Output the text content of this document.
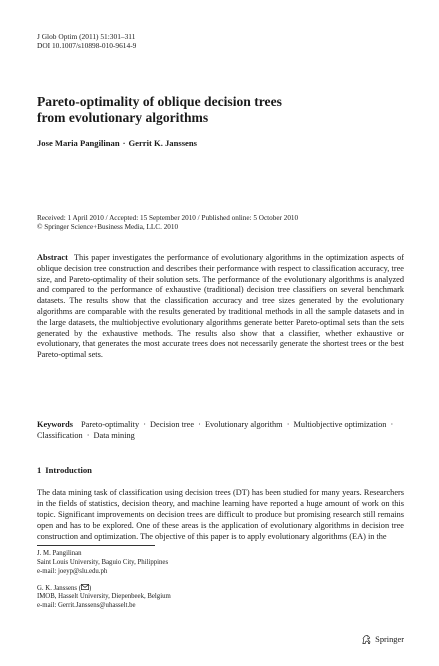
J Glob Optim (2011) 51:301–311
DOI 10.1007/s10898-010-9614-9
Pareto-optimality of oblique decision trees
from evolutionary algorithms
Jose Maria Pangilinan · Gerrit K. Janssens
Received: 1 April 2010 / Accepted: 15 September 2010 / Published online: 5 October 2010
© Springer Science+Business Media, LLC. 2010
Abstract This paper investigates the performance of evolutionary algorithms in the optimization aspects of oblique decision tree construction and describes their performance with respect to classification accuracy, tree size, and Pareto-optimality of their solution sets. The performance of the evolutionary algorithms is analyzed and compared to the performance of exhaustive (traditional) decision tree classifiers on several benchmark datasets. The results show that the classification accuracy and tree sizes generated by the evolutionary algorithms are comparable with the results generated by traditional methods in all the sample datasets and in the large datasets, the multiobjective evolutionary algorithms generate better Pareto-optimal sets than the sets generated by the exhaustive methods. The results also show that a classifier, whether exhaustive or evolutionary, that generates the most accurate trees does not necessarily generate the shortest trees or the best Pareto-optimal sets.
Keywords Pareto-optimality · Decision tree · Evolutionary algorithm · Multiobjective optimization · Classification · Data mining
1 Introduction
The data mining task of classification using decision trees (DT) has been studied for many years. Researchers in the fields of statistics, decision theory, and machine learning have reported a huge amount of work on this topic. Significant improvements on decision trees are difficult to produce but promising research still remains open and has to be explored. One of these areas is the application of evolutionary algorithms in decision tree construction and optimization. The objective of this paper is to apply evolutionary algorithms (EA) in the
J. M. Pangilinan
Saint Louis University, Baguio City, Philippines
e-mail: joeyp@slu.edu.ph
G. K. Janssens ( )
IMOB, Hasselt University, Diepenbeek, Belgium
e-mail: Gerrit.Janssens@uhasselt.be
Springer
